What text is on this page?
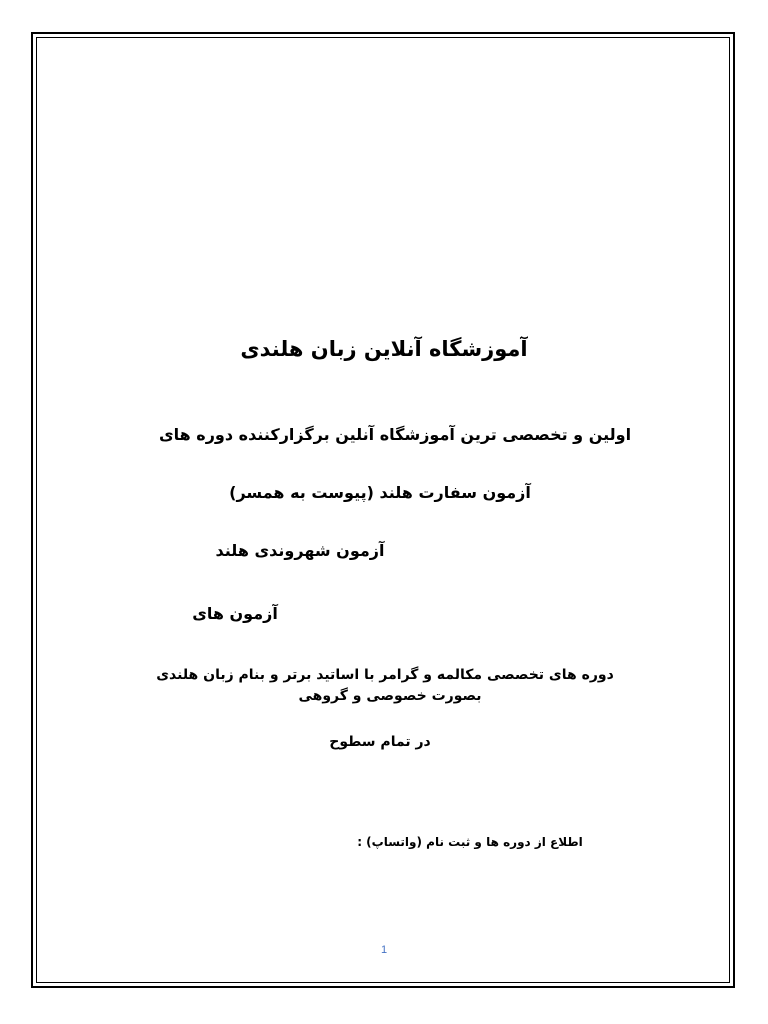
آموزشگاه آنلاین زبان هلندی
اولین و تخصصی ترین آموزشگاه آنلین برگزارکننده دوره های
آزمون سفارت هلند (پیوست به همسر)
آزمون شهروندی هلند
آزمون های
دوره های تخصصی مکالمه و گرامر با اساتید برتر و بنام زبان هلندی
بصورت خصوصی و گروهی
در تمام سطوح
اطلاع از دوره ها و ثبت نام (واتساپ) :
1
